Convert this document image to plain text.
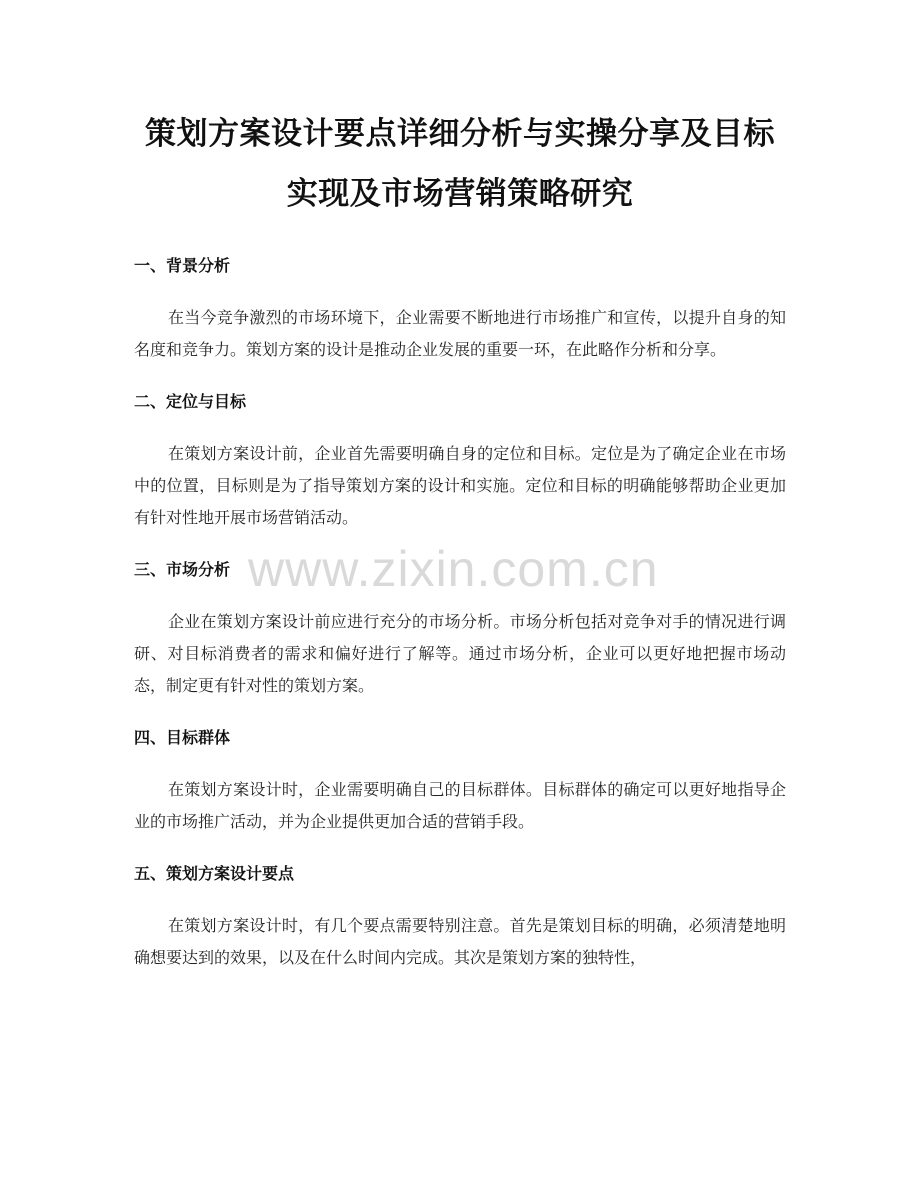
策划方案设计要点详细分析与实操分享及目标实现及市场营销策略研究
一、背景分析

在当今竞争激烈的市场环境下，企业需要不断地进行市场推广和宣传，以提升自身的知名度和竞争力。策划方案的设计是推动企业发展的重要一环，在此略作分析和分享。

二、定位与目标

在策划方案设计前，企业首先需要明确自身的定位和目标。定位是为了确定企业在市场中的位置，目标则是为了指导策划方案的设计和实施。定位和目标的明确能够帮助企业更加有针对性地开展市场营销活动。

三、市场分析

企业在策划方案设计前应进行充分的市场分析。市场分析包括对竞争对手的情况进行调研、对目标消费者的需求和偏好进行了解等。通过市场分析，企业可以更好地把握市场动态，制定更有针对性的策划方案。

四、目标群体

在策划方案设计时，企业需要明确自己的目标群体。目标群体的确定可以更好地指导企业的市场推广活动，并为企业提供更加合适的营销手段。

五、策划方案设计要点

在策划方案设计时，有几个要点需要特别注意。首先是策划目标的明确，必须清楚地明确想要达到的效果，以及在什么时间内完成。其次是策划方案的独特性，

www.zixin.com.cn
